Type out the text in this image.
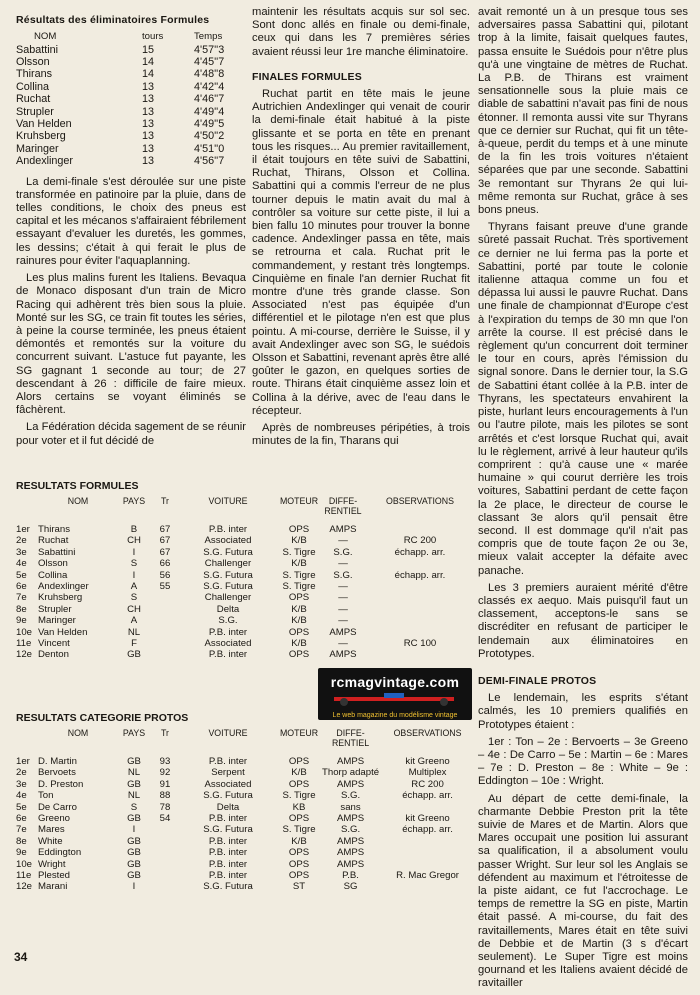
Résultats des éliminatoires Formules
NOM	tours	Temps
Sabattini	15	4'57''3
Olsson	14	4'45''7
Thirans	14	4'48''8
Collina	13	4'42''4
Ruchat	13	4'46''7
Strupler	13	4'49''4
Van Helden	13	4'49''5
Kruhsberg	13	4'50''2
Maringer	13	4'51''0
Andexlinger	13	4'56''7

La demi-finale s'est déroulée sur une piste transformée en patinoire par la pluie, dans de telles conditions, le choix des pneus est capital et les mécanos s'affairaient fébrilement essayant d'evaluer les duretés, les gommes, les dessins; c'était à qui ferait le plus de rainures pour éviter l'aquaplanning.

Les plus malins furent les Italiens. Bevaqua de Monaco disposant d'un train de Micro Racing qui adhèrent très bien sous la pluie. Monté sur les SG, ce train fit toutes les séries, à peine la course terminée, les pneus étaient démontés et remontés sur la voiture du concurrent suivant. L'astuce fut payante, les SG gagnant 1 seconde au tour; de 27 descendant à 26 : difficile de faire mieux. Alors certains se voyant éliminés se fâchèrent.

La Fédération décida sagement de se réunir pour voter et il fut décidé de

maintenir les résultats acquis sur sol sec. Sont donc allés en finale ou demi-finale, ceux qui dans les 7 premières séries avaient réussi leur 1re manche éliminatoire.

FINALES FORMULES

Ruchat partit en tête mais le jeune Autrichien Andexlinger qui venait de courir la demi-finale était habitué à la piste glissante et se porta en tête en prenant tous les risques... Au premier ravitaillement, il était toujours en tête suivi de Sabattini, Ruchat, Thirans, Olsson et Collina. Sabattini qui a commis l'erreur de ne plus tourner depuis le matin avait du mal à contrôler sa voiture sur cette piste, il lui a bien fallu 10 minutes pour trouver la bonne cadence. Andexlinger passa en tête, mais se retrourna et cala. Ruchat prit le commandement, y restant très longtemps. Cinquième en finale l'an dernier Ruchat fit montre d'une très grande classe. Son Associated n'est pas équipée d'un différentiel et le pilotage n'en est que plus pointu. A mi-course, derrière le Suisse, il y avait Andexlinger avec son SG, le suédois Olsson et Sabattini, revenant après être allé goûter le gazon, en quelques sorties de route. Thirans était cinquième assez loin et Collina à la dérive, avec de l'eau dans le récepteur.

Après de nombreuses péripéties, à trois minutes de la fin, Tharans qui

avait remonté un à un presque tous ses adversaires passa Sabattini qui, pilotant trop à la limite, faisait quelques fautes, passa ensuite le Suédois pour n'être plus qu'à une vingtaine de mètres de Ruchat. La P.B. de Thirans est vraiment sensationnelle sous la pluie mais ce diable de sabattini n'avait pas fini de nous étonner. Il remonta aussi vite sur Thyrans que ce dernier sur Ruchat, qui fit un tête-à-queue, perdit du temps et à une minute de la fin les trois voitures n'étaient séparées que par une seconde. Sabattini 3e remontant sur Thyrans 2e qui lui-même remonta sur Ruchat, grâce à ses bons pneus.

Thyrans faisant preuve d'une grande sûreté passait Ruchat. Très sportivement ce dernier ne lui ferma pas la porte et Sabattini, porté par toute le colonie italienne attaqua comme un fou et dépassa lui aussi le pauvre Ruchat. Dans une finale de championnat d'Europe c'est à l'expiration du temps de 30 mn que l'on arrête la course. Il est précisé dans le règlement qu'un concurrent doit terminer le tour en cours, après l'émission du signal sonore. Dans le dernier tour, la S.G de Sabattini étant collée à la P.B. inter de Thyrans, les spectateurs envahirent la piste, hurlant leurs encouragements à l'un ou l'autre pilote, mais les pilotes se sont arrêtés et c'est lorsque Ruchat qui, avait lu le règlement, arrivé à leur hauteur qu'ils comprirent : qu'à cause une « marée humaine » qui courut derrière les trois voitures, Sabattini perdant de cette façon la 2e place, le directeur de course le classant 3e alors qu'il pensait être second. Il est dommage qu'il n'ait pas compris que de toute façon 2e ou 3e, mieux valait accepter la défaite avec panache.

Les 3 premiers auraient mérité d'être classés ex aequo. Mais puisqu'il faut un classement, acceptons-le sans se discréditer en refusant de participer le lendemain aux éliminatoires en Prototypes.

DEMI-FINALE PROTOS

Le lendemain, les esprits s'étant calmés, les 10 premiers qualifiés en Prototypes étaient :

1er : Ton – 2e : Bervoerts – 3e Greeno – 4e : De Carro – 5e : Martin – 6e : Mares – 7e : D. Preston – 8e : White – 9e : Eddington – 10e : Wright.

Au départ de cette demi-finale, la charmante Debbie Preston prit la tête suivie de Mares et de Martin. Alors que Mares occupait une position lui assurant sa qualification, il a absolument voulu passer Wright. Sur leur sol les Anglais se défendent au maximum et l'étroitesse de la piste aidant, ce fut l'accrochage. Le temps de remettre la SG en piste, Martin était passé. A mi-course, du fait des ravitaillements, Mares était en tête suivi de Debbie et de Martin (3 s d'écart seulement). Le Super Tigre est moins gournand et les Italiens avaient décidé de ravitailler

RESULTATS FORMULES
	NOM	PAYS	Tr	VOITURE	MOTEUR	DIFFE-RENTIEL	OBSERVATIONS
1er	Thirans	B	67	P.B. inter	OPS	AMPS	
2e	Ruchat	CH	67	Associated	K/B	—	RC 200
3e	Sabattini	I	67	S.G. Futura	S. Tigre	S.G.	échapp. arr.
4e	Olsson	S	66	Challenger	K/B	—	
5e	Collina	I	56	S.G. Futura	S. Tigre	S.G.	échapp. arr.
6e	Andexlinger	A	55	S.G. Futura	S. Tigre	—	
7e	Kruhsberg	S		Challenger	OPS	—	
8e	Strupler	CH		Delta	K/B	—	
9e	Maringer	A		S.G.	K/B	—	
10e	Van Helden	NL		P.B. inter	OPS	AMPS	
11e	Vincent	F		Associated	K/B	—	RC 100
12e	Denton	GB		P.B. inter	OPS	AMPS	
RESULTATS CATEGORIE PROTOS
	NOM	PAYS	Tr	VOITURE	MOTEUR	DIFFE-RENTIEL	OBSERVATIONS
1er	D. Martin	GB	93	P.B. inter	OPS	AMPS	kit Greeno
2e	Bervoets	NL	92	Serpent	K/B	Thorp adapté	Multiplex
3e	D. Preston	GB	91	Associated	OPS	AMPS	RC 200
4e	Ton	NL	88	S.G. Futura	S. Tigre	S.G.	échapp. arr.
5e	De Carro	S	78	Delta	KB	sans	
6e	Greeno	GB	54	P.B. inter	OPS	AMPS	kit Greeno
7e	Mares	I		S.G. Futura	S. Tigre	S.G.	échapp. arr.
8e	White	GB		P.B. inter	K/B	AMPS	
9e	Eddington	GB		P.B. inter	OPS	AMPS	
10e	Wright	GB		P.B. inter	OPS	AMPS	
11e	Plested	GB		P.B. inter	OPS	P.B.	R. Mac Gregor
12e	Marani	I		S.G. Futura	ST	SG	
rcmagvintage.com
Le web magazine du modélisme vintage
34
